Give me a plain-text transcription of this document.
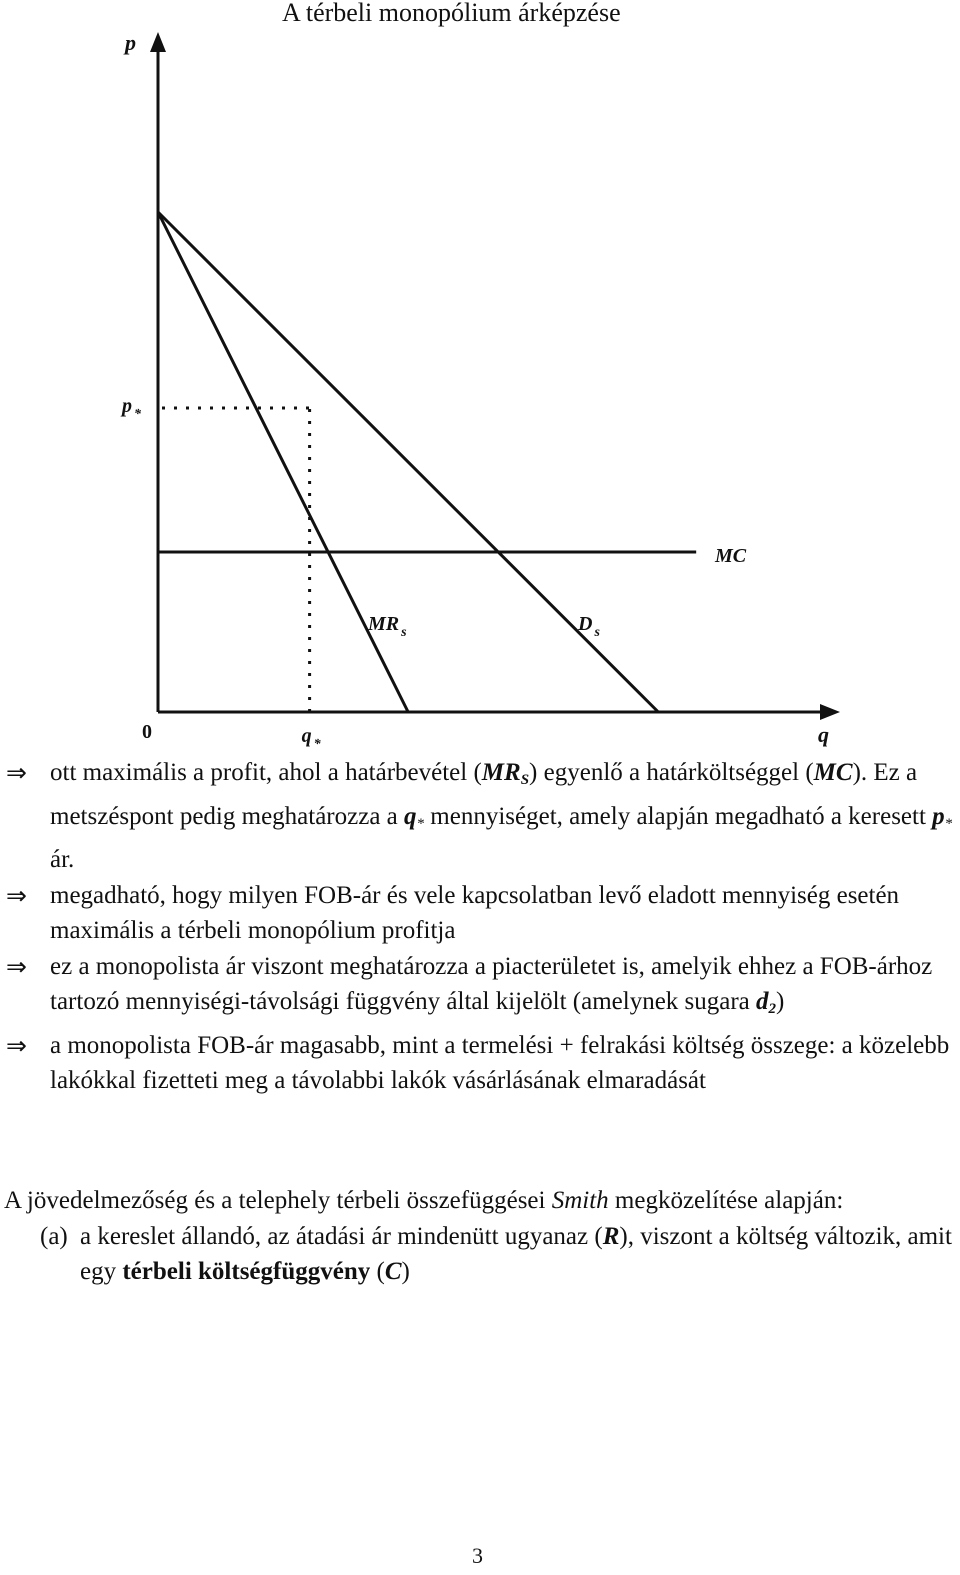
A térbeli monopólium árképzése
p
q
0
D $_s$
MR $_s$
MC
q $_*$
p $_*$
⇒ ott maximális a profit, ahol a határbevétel $(MR_S)$ egyenlő a határköltséggel (MC). Ez a metszéspont pedig meghatározza a $q_*$ mennyiséget, amely alapján megadható a keresett $p_*$ ár.
⇒ megadható, hogy milyen FOB-ár és vele kapcsolatban levő eladott mennyiség esetén maximális a térbeli monopólium profitja
⇒ ez a monopolista ár viszont meghatározza a piacterületet is, amelyik ehhez a FOB-árhoz tartozó mennyiségi-távolsági függvény által kijelölt (amelynek sugara $d_2$)
⇒ a monopolista FOB-ár magasabb, mint a termelési + felrakási költség összege: a közelebb lakókkal fizetteti meg a távolabbi lakók vásárlásának elmaradását
A jövedelmezőség és a telephely térbeli összefüggései Smith megközelítése alapján:
(a) a kereslet állandó, az átadási ár mindenütt ugyanaz (R), viszont a költség változik, amit egy térbeli költségfüggvény (C)
3
